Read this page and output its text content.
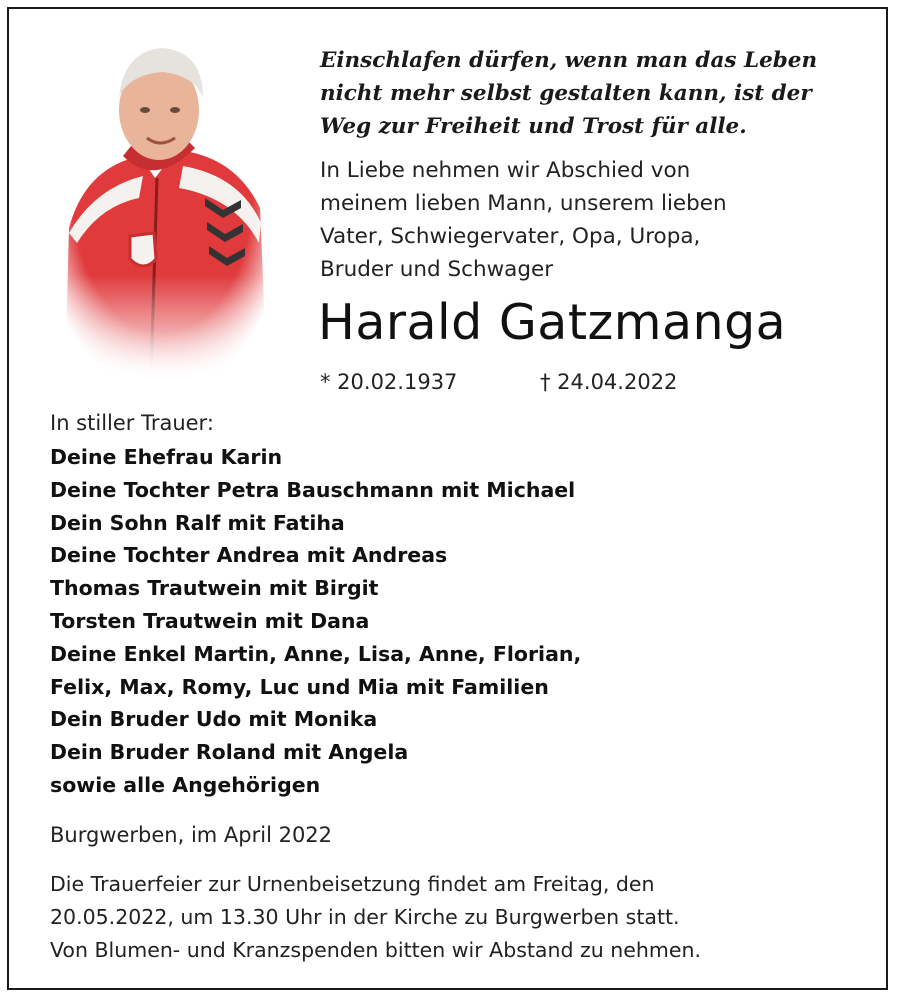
Einschlafen dürfen, wenn man das Leben
nicht mehr selbst gestalten kann, ist der
Weg zur Freiheit und Trost für alle.
In Liebe nehmen wir Abschied von
meinem lieben Mann, unserem lieben
Vater, Schwiegervater, Opa, Uropa,
Bruder und Schwager
Harald Gatzmanga
* 20.02.1937	† 24.04.2022
In stiller Trauer:
Deine Ehefrau Karin
Deine Tochter Petra Bauschmann mit Michael
Dein Sohn Ralf mit Fatiha
Deine Tochter Andrea mit Andreas
Thomas Trautwein mit Birgit
Torsten Trautwein mit Dana
Deine Enkel Martin, Anne, Lisa, Anne, Florian,
Felix, Max, Romy, Luc und Mia mit Familien
Dein Bruder Udo mit Monika
Dein Bruder Roland mit Angela
sowie alle Angehörigen
Burgwerben, im April 2022
Die Trauerfeier zur Urnenbeisetzung findet am Freitag, den
20.05.2022, um 13.30 Uhr in der Kirche zu Burgwerben statt.
Von Blumen- und Kranzspenden bitten wir Abstand zu nehmen.
